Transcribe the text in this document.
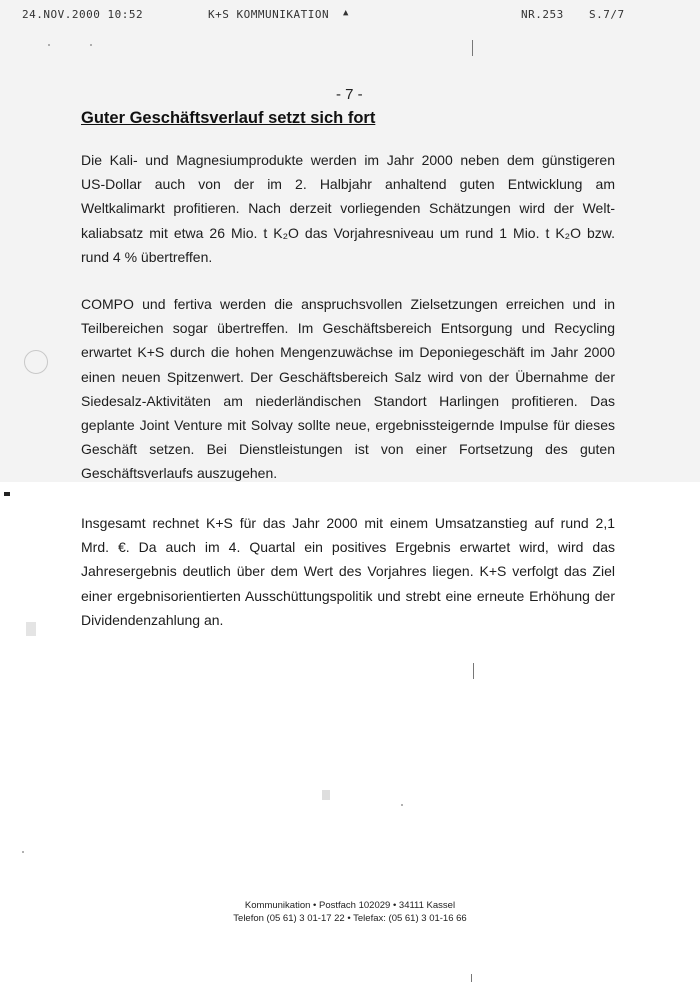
24.NOV.2000 10:52	K+S KOMMUNIKATION ▲	NR.253 S.7/7
- 7 -
Guter Geschäftsverlauf setzt sich fort
Die Kali- und Magnesiumprodukte werden im Jahr 2000 neben dem günstigeren
US-Dollar auch von der im 2. Halbjahr anhaltend guten Entwicklung am
Weltkalimarkt profitieren. Nach derzeit vorliegenden Schätzungen wird der Welt-
kaliabsatz mit etwa 26 Mio. t K₂O das Vorjahresniveau um rund 1 Mio. t K₂O bzw.
rund 4 % übertreffen.
COMPO und fertiva werden die anspruchsvollen Zielsetzungen erreichen und in
Teilbereichen sogar übertreffen. Im Geschäftsbereich Entsorgung und Recycling
erwartet K+S durch die hohen Mengenzuwächse im Deponiegeschäft im Jahr 2000
einen neuen Spitzenwert. Der Geschäftsbereich Salz wird von der Übernahme der
Siedesalz-Aktivitäten am niederländischen Standort Harlingen profitieren. Das
geplante Joint Venture mit Solvay sollte neue, ergebnissteigernde Impulse für dieses
Geschäft setzen. Bei Dienstleistungen ist von einer Fortsetzung des guten
Geschäftsverlaufs auszugehen.
Insgesamt rechnet K+S für das Jahr 2000 mit einem Umsatzanstieg auf rund 2,1
Mrd. €. Da auch im 4. Quartal ein positives Ergebnis erwartet wird, wird das
Jahresergebnis deutlich über dem Wert des Vorjahres liegen. K+S verfolgt das Ziel
einer ergebnisorientierten Ausschüttungspolitik und strebt eine erneute Erhöhung der
Dividendenzahlung an.
Kommunikation • Postfach 102029 • 34111 Kassel
Telefon (05 61) 3 01-17 22 • Telefax: (05 61) 3 01-16 66
